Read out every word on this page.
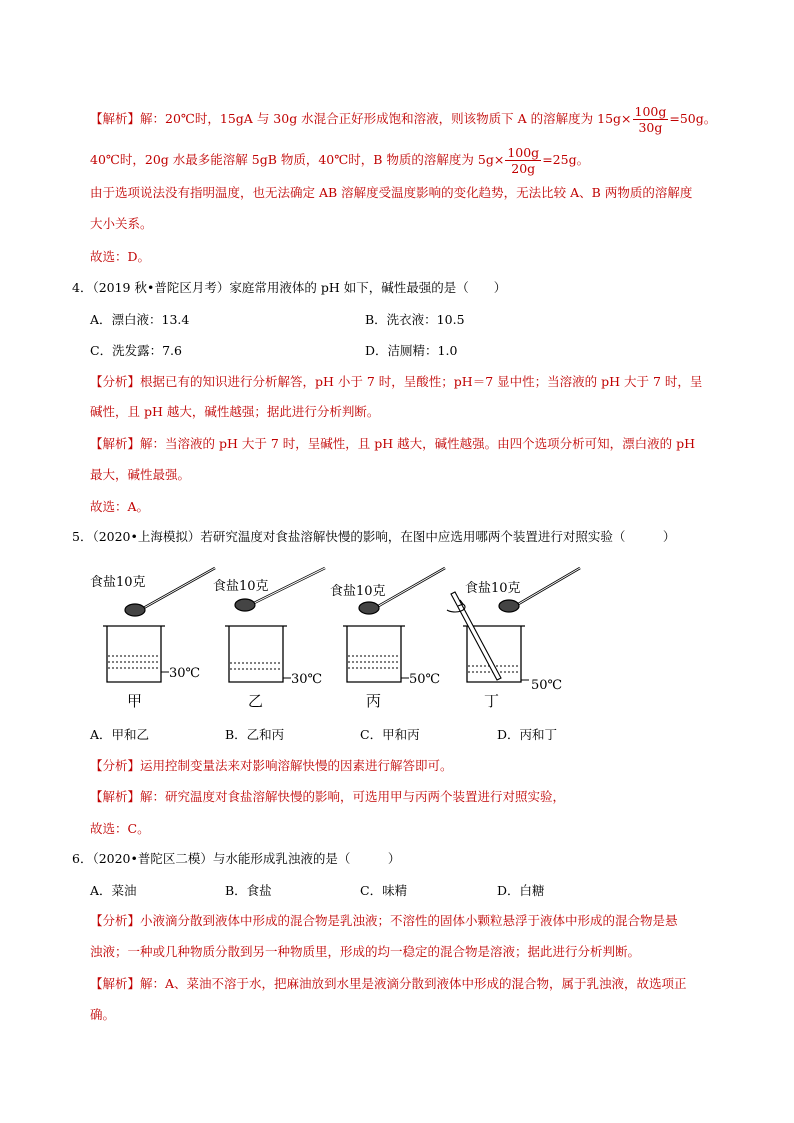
【解析】解：20℃时，15gA 与 30g 水混合正好形成饱和溶液，则该物质下 A 的溶解度为 $15g\times \frac{100g}{30g} =50g$。
40℃时，20g 水最多能溶解 5gB 物质，40℃时，B 物质的溶解度为 $5g\times \frac{100g}{20g} =25g$。
由于选项说法没有指明温度，也无法确定 AB 溶解度受温度影响的变化趋势，无法比较 A、B 两物质的溶解度
大小关系。
故选：D。
4．（2019 秋•普陀区月考）家庭常用液体的 pH 如下，碱性最强的是（　　）
A．漂白液：13.4	B．洗衣液：10.5
C．洗发露：7.6	D．洁厕精：1.0
【分析】根据已有的知识进行分析解答，pH 小于 7 时，呈酸性；pH＝7 显中性；当溶液的 pH 大于 7 时，呈
碱性，且 pH 越大，碱性越强；据此进行分析判断。
【解析】解：当溶液的 pH 大于 7 时，呈碱性，且 pH 越大，碱性越强。由四个选项分析可知，漂白液的 pH
最大，碱性最强。
故选：A。
5．（2020•上海模拟）若研究温度对食盐溶解快慢的影响，在图中应选用哪两个装置进行对照实验（　　　）
食盐10克
30℃
甲
食盐10克
30℃
乙
食盐10克
50℃
丙
食盐10克
50℃
丁
A．甲和乙	B．乙和丙	C．甲和丙	D．丙和丁
【分析】运用控制变量法来对影响溶解快慢的因素进行解答即可。
【解析】解：研究温度对食盐溶解快慢的影响，可选用甲与丙两个装置进行对照实验，
故选：C。
6．（2020•普陀区二模）与水能形成乳浊液的是（　　　）
A．菜油	B．食盐	C．味精	D．白糖
【分析】小液滴分散到液体中形成的混合物是乳浊液；不溶性的固体小颗粒悬浮于液体中形成的混合物是悬
浊液；一种或几种物质分散到另一种物质里，形成的均一稳定的混合物是溶液；据此进行分析判断。
【解析】解：A、菜油不溶于水，把麻油放到水里是液滴分散到液体中形成的混合物，属于乳浊液，故选项正
确。
